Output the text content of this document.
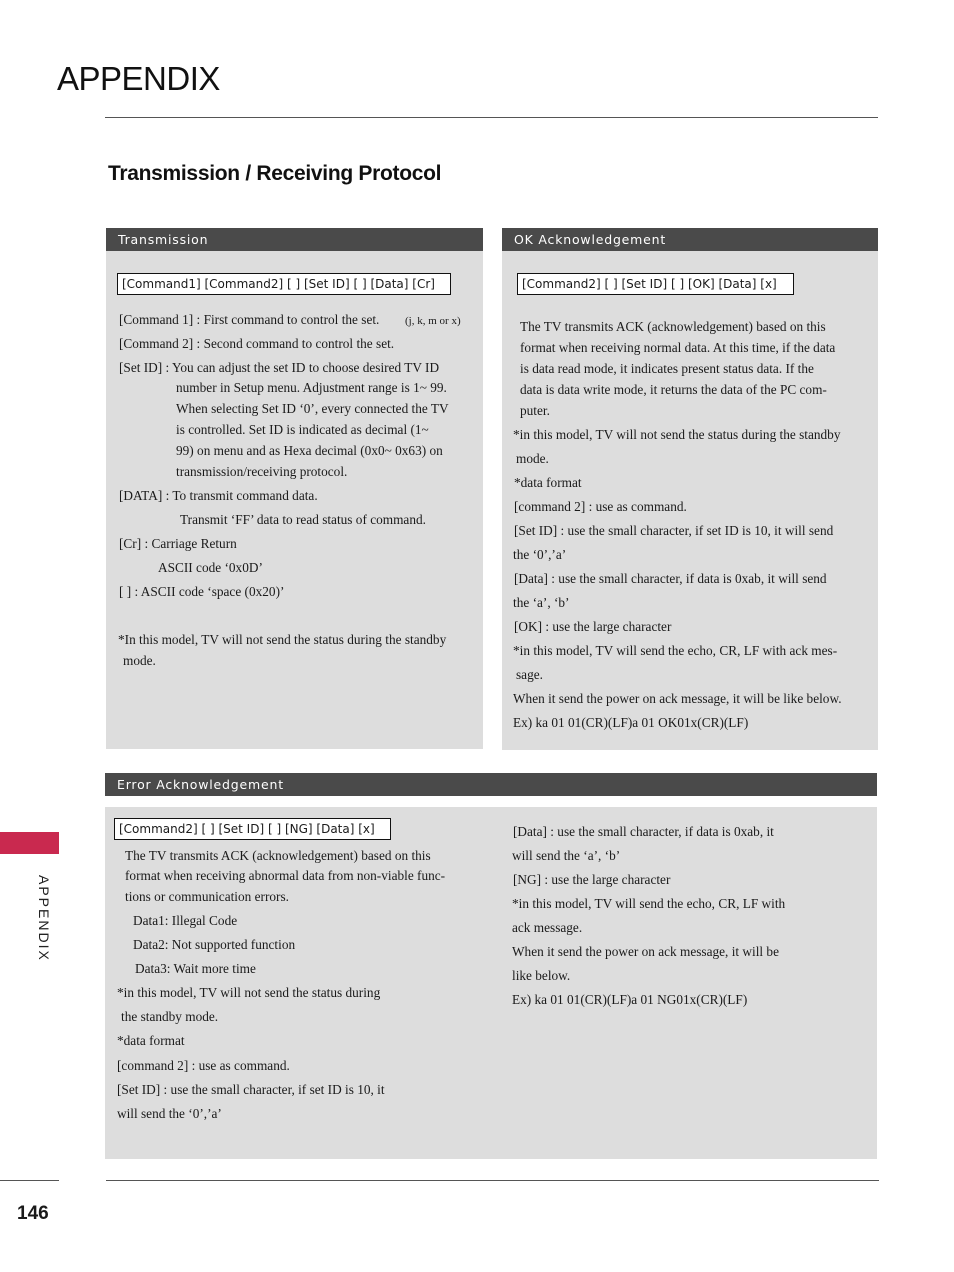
APPENDIX
Transmission / Receiving Protocol
Transmission
[Command1] [Command2] [ ] [Set ID] [ ] [Data] [Cr]
[Command 1] : First command to control the set. (j, k, m or x)
[Command 2] : Second command to control the set.
[Set ID] : You can adjust the set ID to choose desired TV ID
number in Setup menu. Adjustment range is 1~ 99.
When selecting Set ID ‘0’, every connected the TV
is controlled. Set ID is indicated as decimal (1~
99) on menu and as Hexa decimal (0x0~ 0x63) on
transmission/receiving protocol.
[DATA] : To transmit command data.
Transmit ‘FF’ data to read status of command.
[Cr] : Carriage Return
ASCII code ‘0x0D’
[ ] : ASCII code ‘space (0x20)’
*In this model, TV will not send the status during the standby
mode.
OK Acknowledgement
[Command2] [ ] [Set ID] [ ] [OK] [Data] [x]
The TV transmits ACK (acknowledgement) based on this
format when receiving normal data. At this time, if the data
is data read mode, it indicates present status data. If the
data is data write mode, it returns the data of the PC com-
puter.
*in this model, TV will not send the status during the standby
mode.
*data format
[command 2] : use as command.
[Set ID] : use the small character, if set ID is 10, it will send
the ‘0’,’a’
[Data] : use the small character, if data is 0xab, it will send
the ‘a’, ‘b’
[OK] : use the large character
*in this model, TV will send the echo, CR, LF with ack mes-
sage.
When it send the power on ack message, it will be like below.
Ex) ka 01 01(CR)(LF)a 01 OK01x(CR)(LF)
Error Acknowledgement
[Command2] [ ] [Set ID] [ ] [NG] [Data] [x]
The TV transmits ACK (acknowledgement) based on this
format when receiving abnormal data from non-viable func-
tions or communication errors.
Data1: Illegal Code
Data2: Not supported function
Data3: Wait more time
*in this model, TV will not send the status during
the standby mode.
*data format
[command 2] : use as command.
[Set ID] : use the small character, if set ID is 10, it
will send the ‘0’,’a’
[Data] : use the small character, if data is 0xab, it
will send the ‘a’, ‘b’
[NG] : use the large character
*in this model, TV will send the echo, CR, LF with
ack message.
When it send the power on ack message, it will be
like below.
Ex) ka 01 01(CR)(LF)a 01 NG01x(CR)(LF)
APPENDIX
146
